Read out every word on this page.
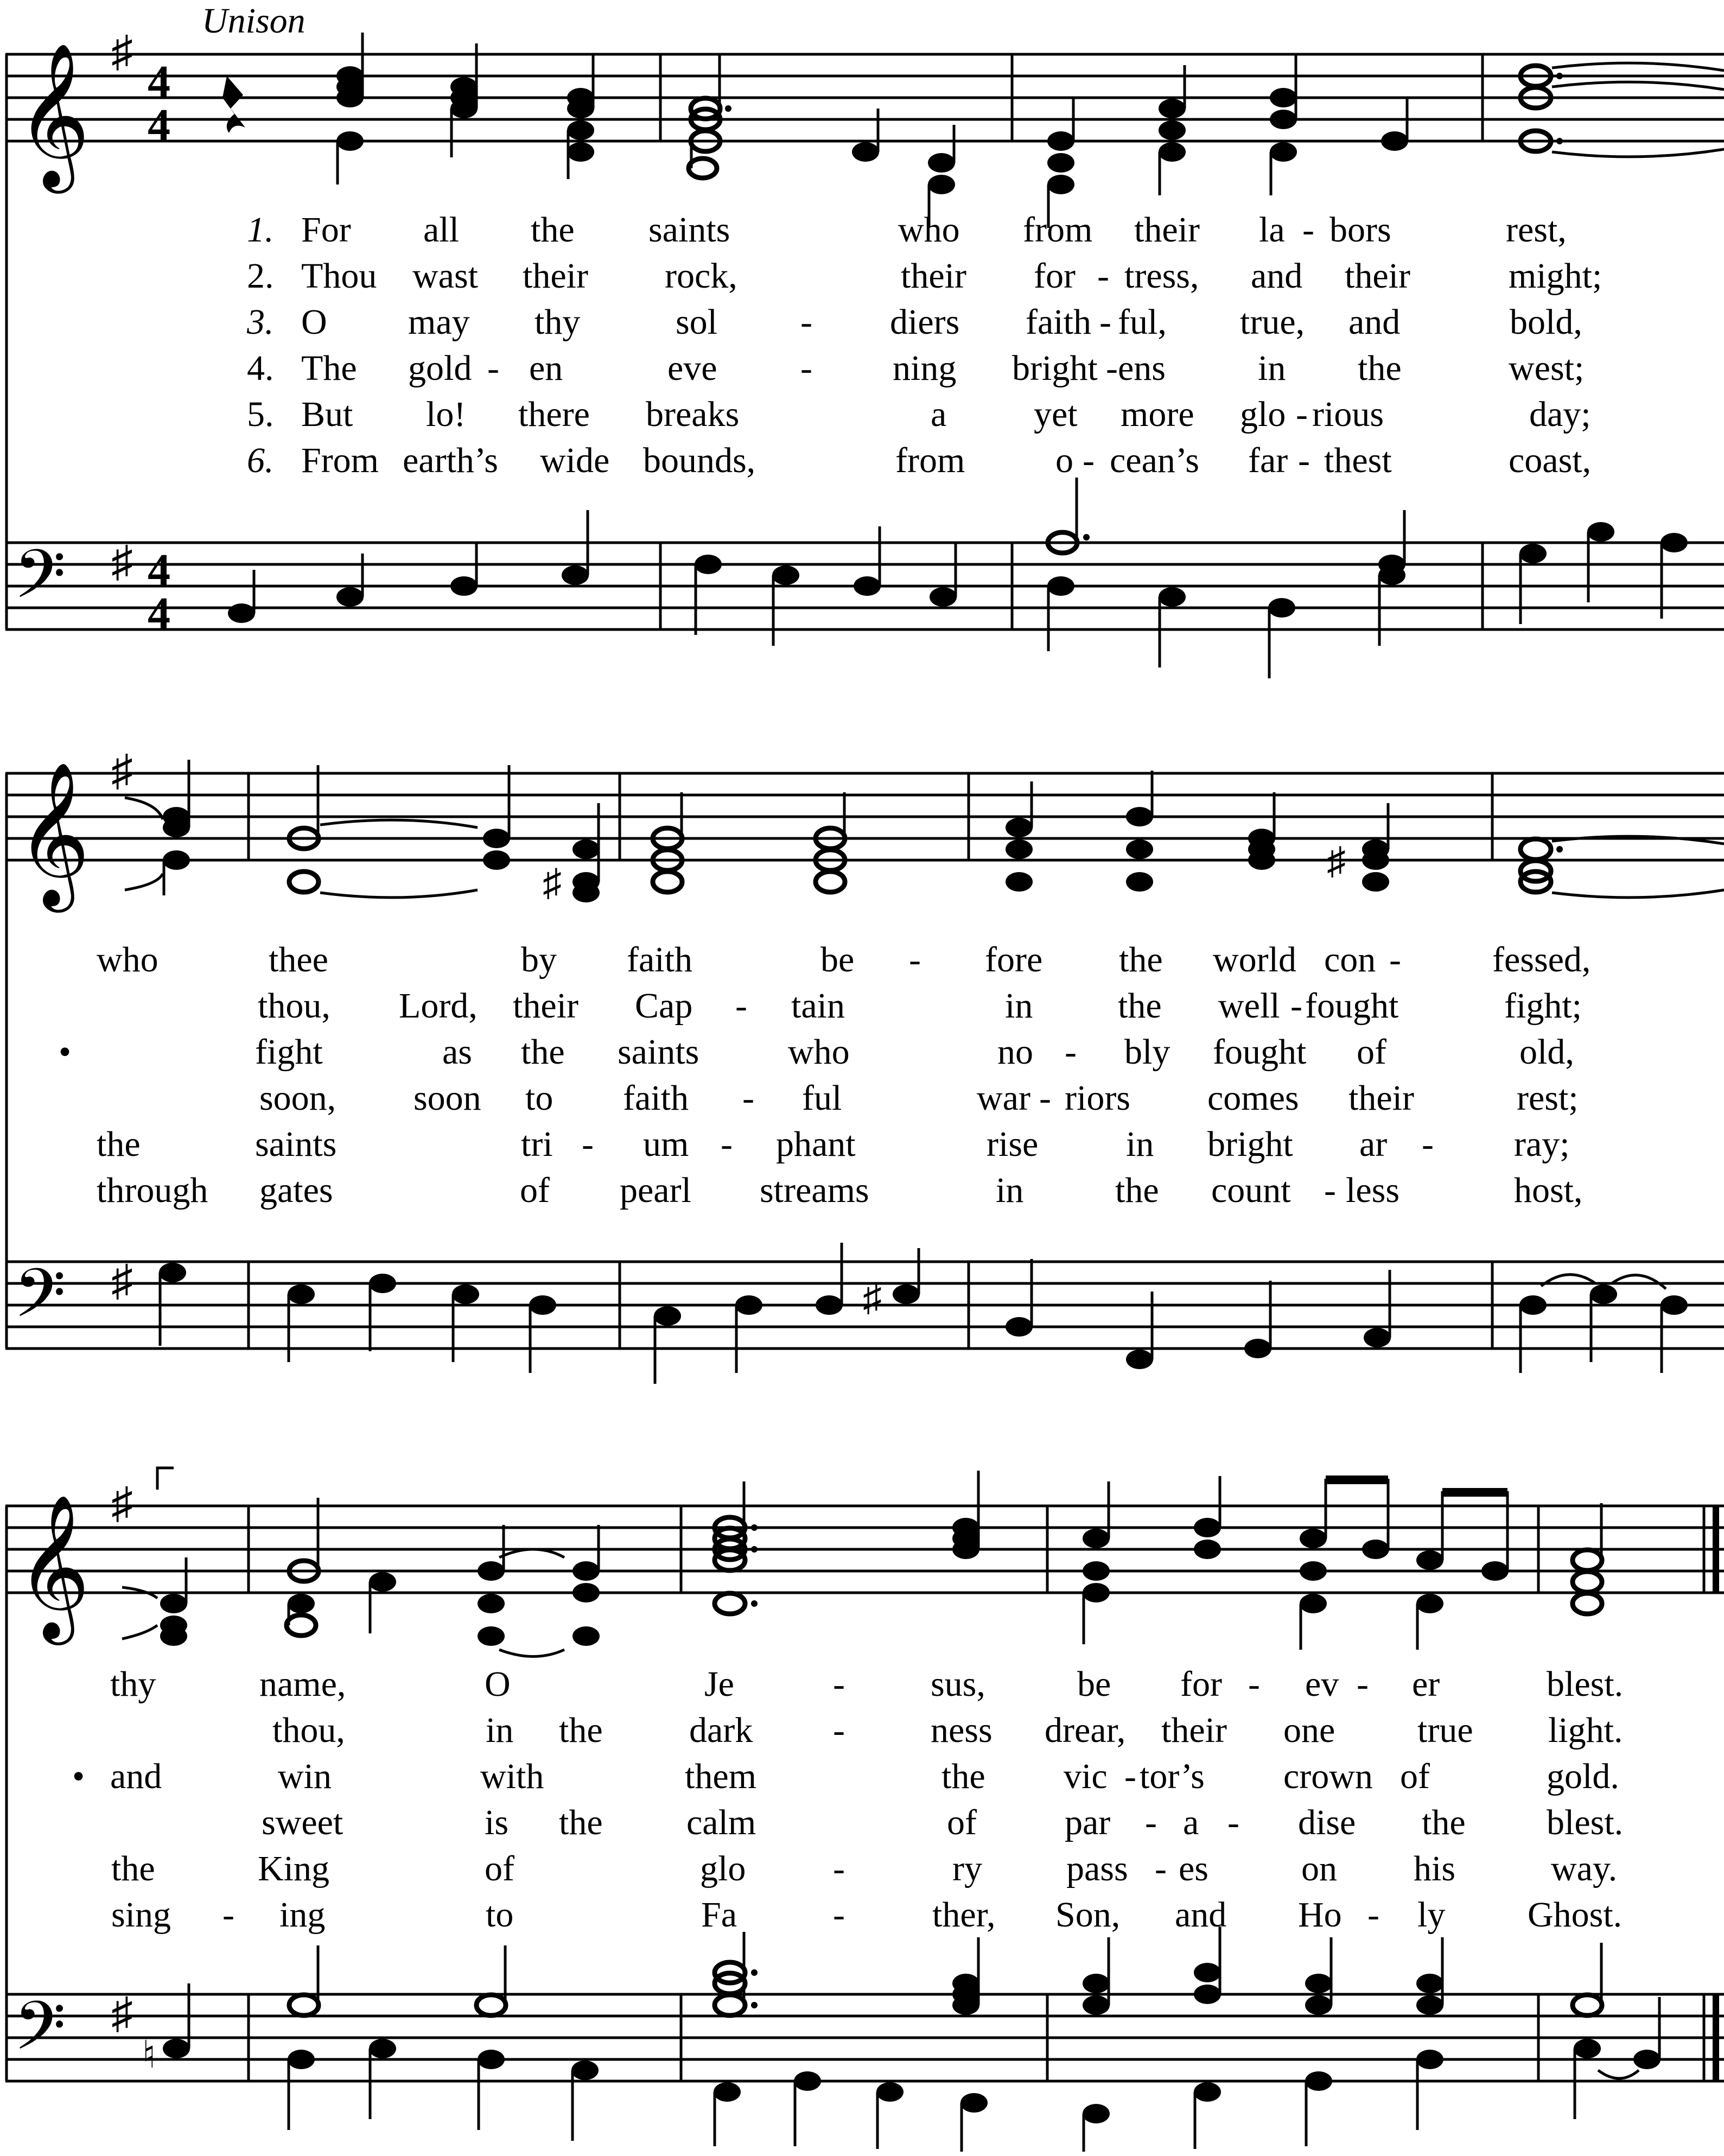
Unison
𝄞 ♯
4
4
1. For all the saints	who from their la - bors	rest,
2. Thou wast their rock,	their for - tress, and their	might;
3. O may thy	sol - diers faith - ful, true, and	bold,
4. The gold - en	eve - ning bright - ens	in the	west;
5. But lo! there breaks	a yet more glo - rious	day;
6. From earth’s wide bounds,	from	o - cean’s far - thest	coast,
𝄢 ♯ 4
4
𝄞 ♯
♯
♯
who	thee	by faith	be - fore the world con -	fessed,
thou, Lord, their Cap - tain	in the well - fought	fight;
•	fight	as the saints who	no - bly fought of	old,
soon, soon to faith - ful	war - riors comes their	rest;
the	saints	tri - um - phant	rise in bright ar - ray;
through gates	of pearl streams	in	the count - less	host,
𝄢 ♯	♯
𝄞 ♯
thy	name,	O	Je	- sus,	be for - ev - er	blest.
thou,	in the dark - ness drear, their one true light.
• and	win	with	them	the vic - tor’s crown of	gold.
sweet	is the calm	of par - a - dise the blest.
the	King	of	glo -	ry pass - es	on his	way.
sing - ing	to	Fa	- ther, Son, and Ho - ly Ghost.
𝄢 ♯
♮
